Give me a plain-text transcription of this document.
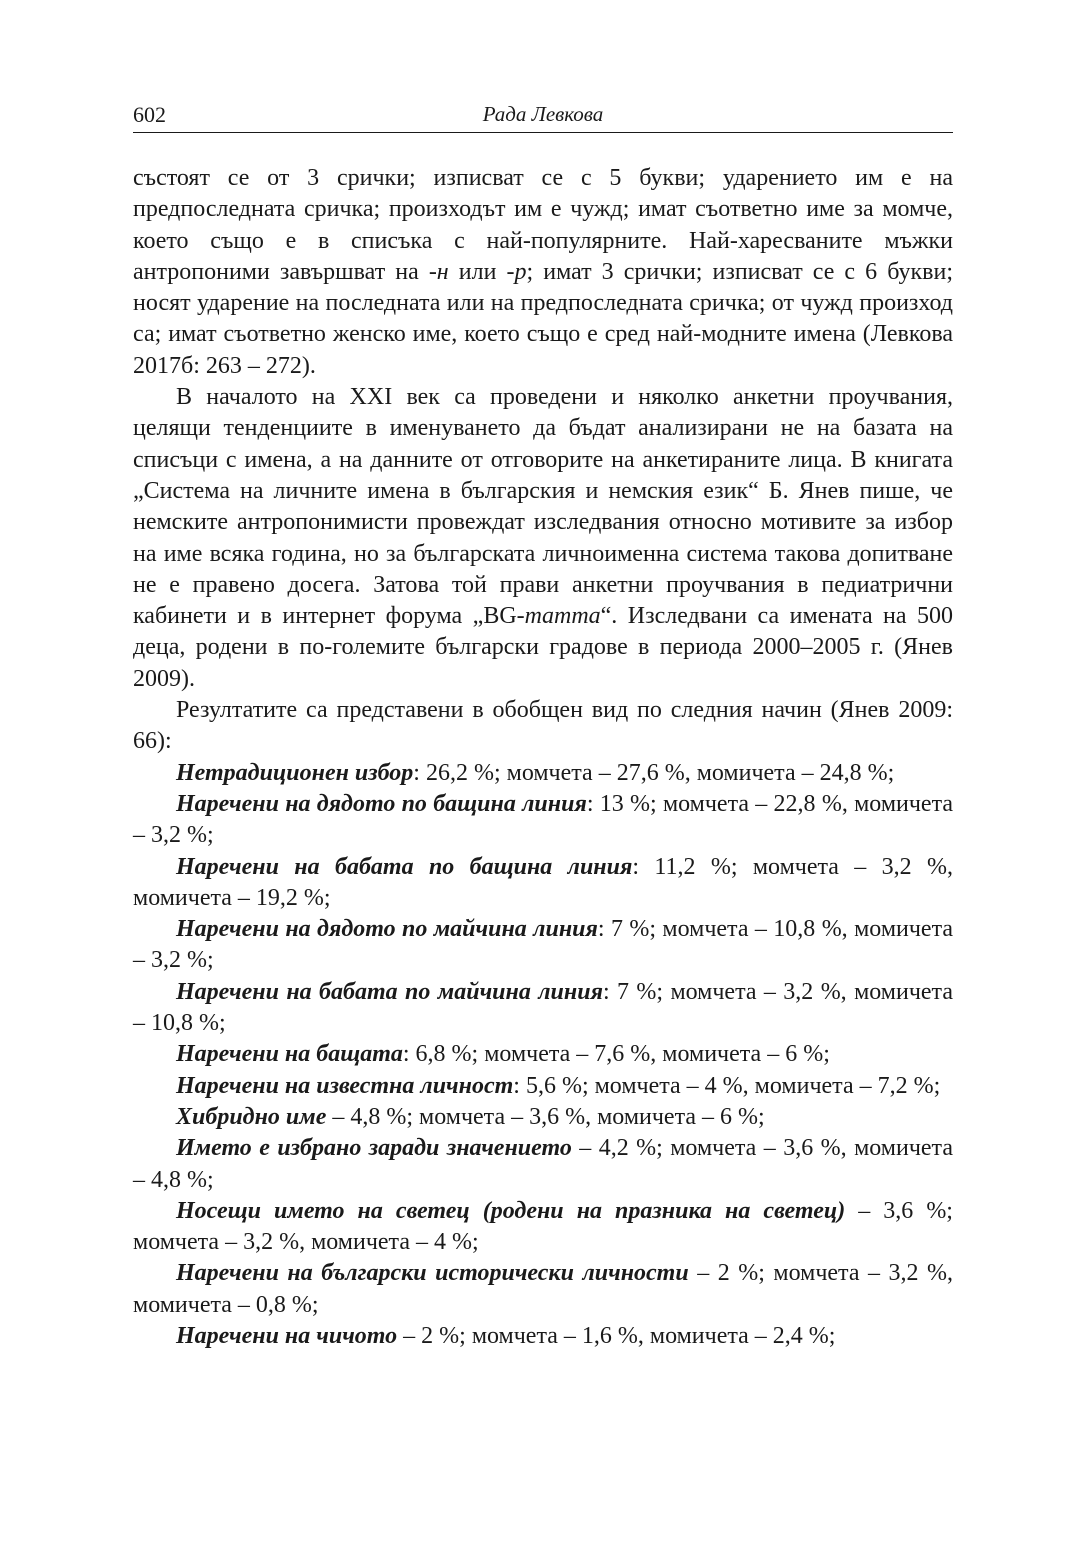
602	Рада Левкова

състоят се от 3 срички; изписват се с 5 букви; ударението им е на предпоследната сричка; произходът им е чужд; имат съответно име за момче, което също е в списъка с най-популярните. Най-харесваните мъжки антропоними завършват на -н или -р; имат 3 срички; изписват се с 6 букви; носят ударение на последната или на предпоследната сричка; от чужд произход са; имат съответно женско име, което също е сред най-модните имена (Левкова 2017б: 263 – 272).

В началото на XXI век са проведени и няколко анкетни проучвания, целящи тенденциите в именуването да бъдат анализирани не на базата на списъци с имена, а на данните от отговорите на анкетираните лица. В книгата „Система на личните имена в българския и немския език“ Б. Янев пише, че немските антропонимисти провеждат изследвания относно мотивите за избор на име всяка година, но за българската личноименна система такова допитване не е правено досега. Затова той прави анкетни проучвания в педиатрични кабинети и в интернет форума „BG-mamma“. Изследвани са имената на 500 деца, родени в по-големите български градове в периода 2000–2005 г. (Янев 2009).

Резултатите са представени в обобщен вид по следния начин (Янев 2009: 66):

Нетрадиционен избор: 26,2 %; момчета – 27,6 %, момичета – 24,8 %;

Наречени на дядото по бащина линия: 13 %; момчета – 22,8 %, момичета – 3,2 %;

Наречени на бабата по бащина линия: 11,2 %; момчета – 3,2 %, момичета – 19,2 %;

Наречени на дядото по майчина линия: 7 %; момчета – 10,8 %, момичета – 3,2 %;

Наречени на бабата по майчина линия: 7 %; момчета – 3,2 %, момичета – 10,8 %;

Наречени на бащата: 6,8 %; момчета – 7,6 %, момичета – 6 %;

Наречени на известна личност: 5,6 %; момчета – 4 %, момичета – 7,2 %;

Хибридно име – 4,8 %; момчета – 3,6 %, момичета – 6 %;

Името е избрано заради значението – 4,2 %; момчета – 3,6 %, момичета – 4,8 %;

Носещи името на светец (родени на празника на светец) – 3,6 %; момчета – 3,2 %, момичета – 4 %;

Наречени на български исторически личности – 2 %; момчета – 3,2 %, момичета – 0,8 %;

Наречени на чичото – 2 %; момчета – 1,6 %, момичета – 2,4 %;
